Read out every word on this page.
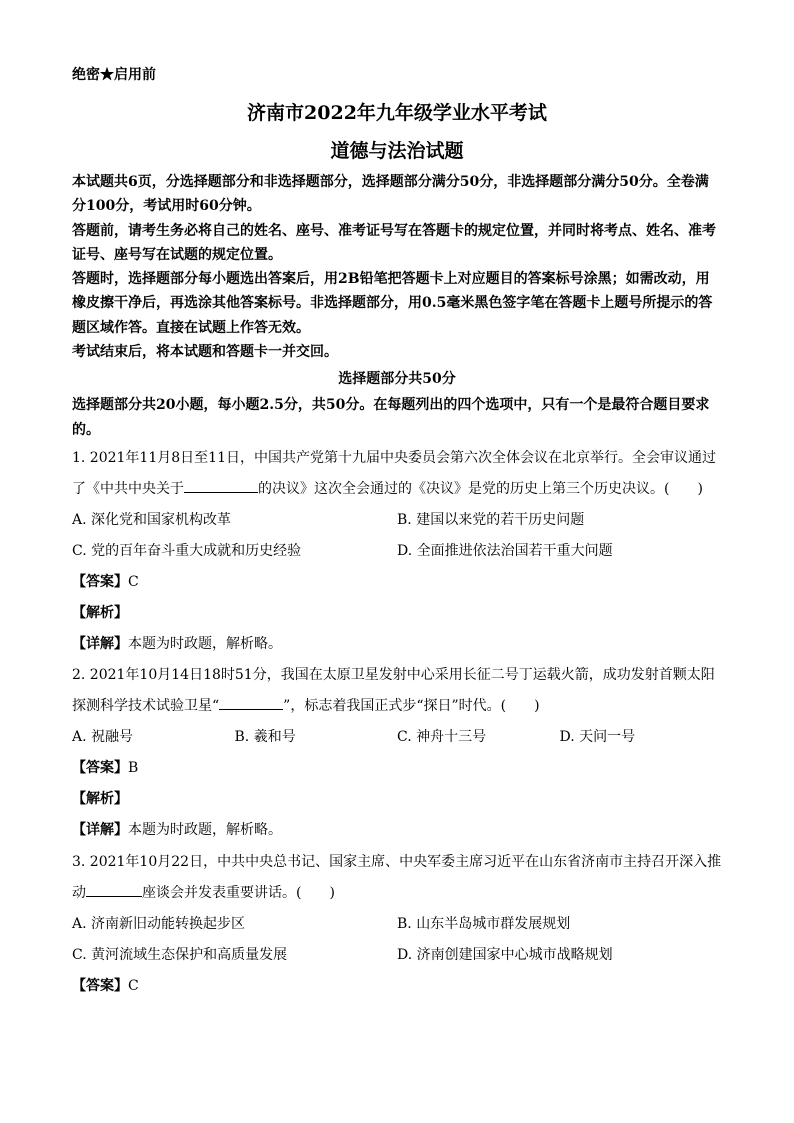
绝密★启用前
济南市2022年九年级学业水平考试
道德与法治试题

本试题共6页，分选择题部分和非选择题部分，选择题部分满分50分，非选择题部分满分50分。全卷满分100分，考试用时60分钟。

答题前，请考生务必将自己的姓名、座号、准考证号写在答题卡的规定位置，并同时将考点、姓名、准考证号、座号写在试题的规定位置。

答题时，选择题部分每小题选出答案后，用2B铅笔把答题卡上对应题目的答案标号涂黑；如需改动，用橡皮擦干净后，再选涂其他答案标号。非选择题部分，用0.5毫米黑色签字笔在答题卡上题号所提示的答题区域作答。直接在试题上作答无效。

考试结束后，将本试题和答题卡一并交回。

选择题部分共50分

选择题部分共20小题，每小题2.5分，共50分。在每题列出的四个选项中，只有一个是最符合题目要求的。

1. 2021年11月8日至11日，中国共产党第十九届中央委员会第六次全体会议在北京举行。全会审议通过了《中共中央关于	的决议》这次全会通过的《决议》是党的历史上第三个历史决议。(　　)

A. 深化党和国家机构改革	B. 建国以来党的若干历史问题
C. 党的百年奋斗重大成就和历史经验	D. 全面推进依法治国若干重大问题
【答案】C
【解析】
【详解】本题为时政题，解析略。

2. 2021年10月14日18时51分，我国在太原卫星发射中心采用长征二号丁运载火箭，成功发射首颗太阳探测科学技术试验卫星“	”，标志着我国正式步“探日”时代。(　　)

A. 祝融号	B. 羲和号	C. 神舟十三号	D. 天问一号
【答案】B
【解析】
【详解】本题为时政题，解析略。

3. 2021年10月22日，中共中央总书记、国家主席、中央军委主席习近平在山东省济南市主持召开深入推动	座谈会并发表重要讲话。(　　)

A. 济南新旧动能转换起步区	B. 山东半岛城市群发展规划
C. 黄河流域生态保护和高质量发展	D. 济南创建国家中心城市战略规划
【答案】C
